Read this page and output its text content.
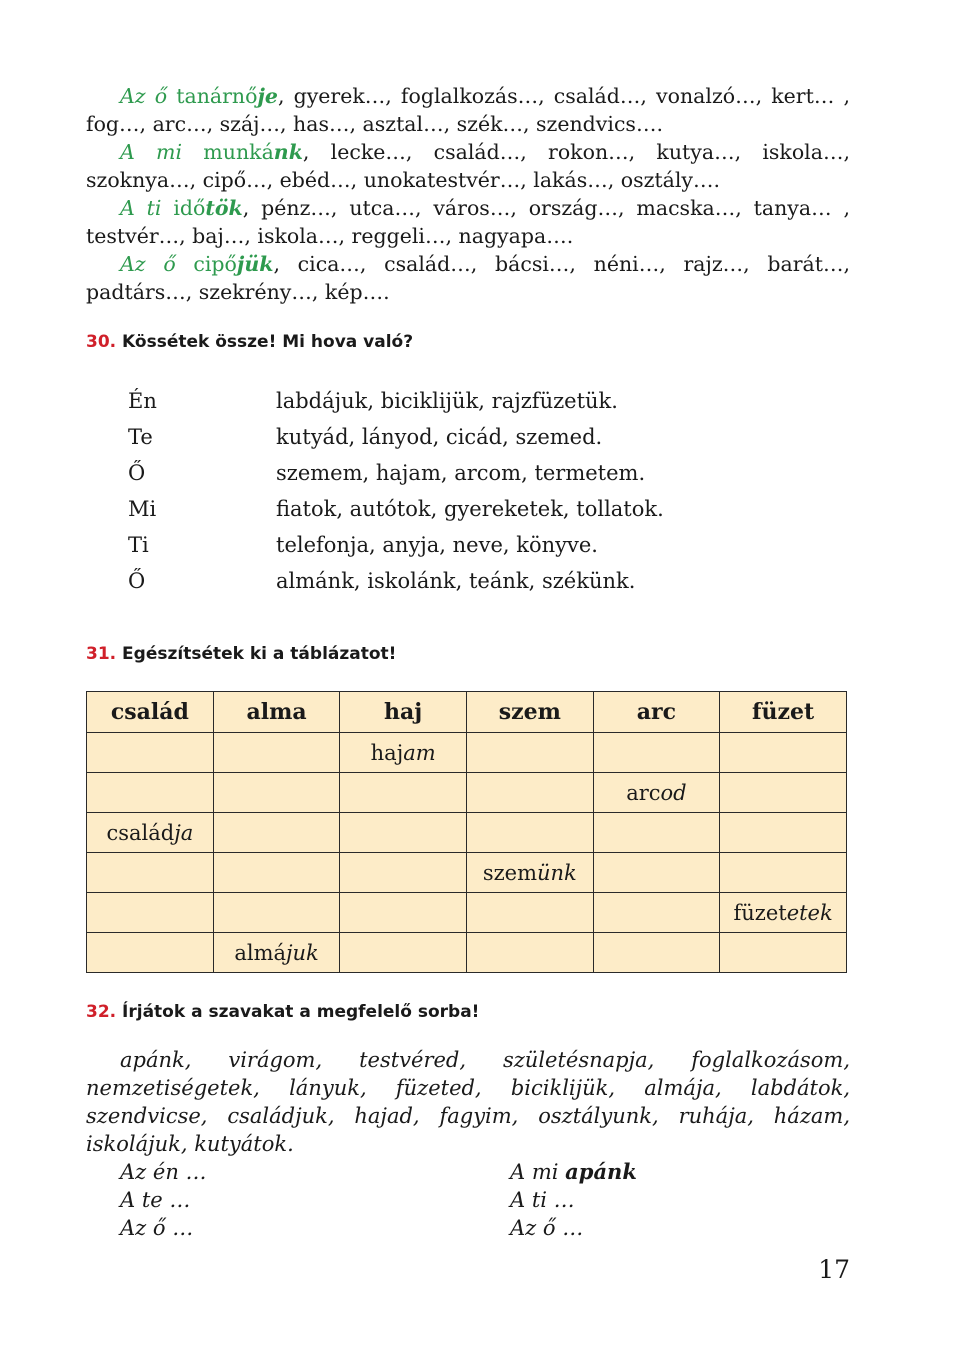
Az ő tanárnője, gyerek…, foglalkozás…, család…, vonalzó…, kert… , fog…, arc…, száj…, has…, asztal…, szék…, szendvics….

A mi munkánk, lecke…, család…, rokon…, kutya…, iskola…, szoknya…, cipő…, ebéd…, unokatestvér…, lakás…, osztály….

A ti időtök, pénz…, utca…, város…, ország…, macska…, tanya… , testvér…, baj…, iskola…, reggeli…, nagyapa….

Az ő cipőjük, cica…, család…, bácsi…, néni…, rajz…, barát…, padtárs…, szekrény…, kép….

30. Kössétek össze! Mi hova való?
Én	labdájuk, biciklijük, rajzfüzetük.
Te	kutyád, lányod, cicád, szemed.
Ő	szemem, hajam, arcom, termetem.
Mi	fiatok, autótok, gyereketek, tollatok.
Ti	telefonja, anyja, neve, könyve.
Ő	almánk, iskolánk, teánk, székünk.
31. Egészítsétek ki a táblázatot!
család	alma	haj	szem	arc	füzet
		hajam			
				arcod	
családja					
			szemünk		
					füzetetek
	almájuk				
32. Írjátok a szavakat a megfelelő sorba!

apánk, virágom, testvéred, születésnapja, foglalkozásom, nemzetiségetek, lányuk, füzeted, biciklijük, almája, labdátok, szendvicse, családjuk, hajad, fagyim, osztályunk, ruhája, házam, iskolájuk, kutyátok.

Az én …
A te …
Az ő …
A mi apánk
A ti …
Az ő …
17
